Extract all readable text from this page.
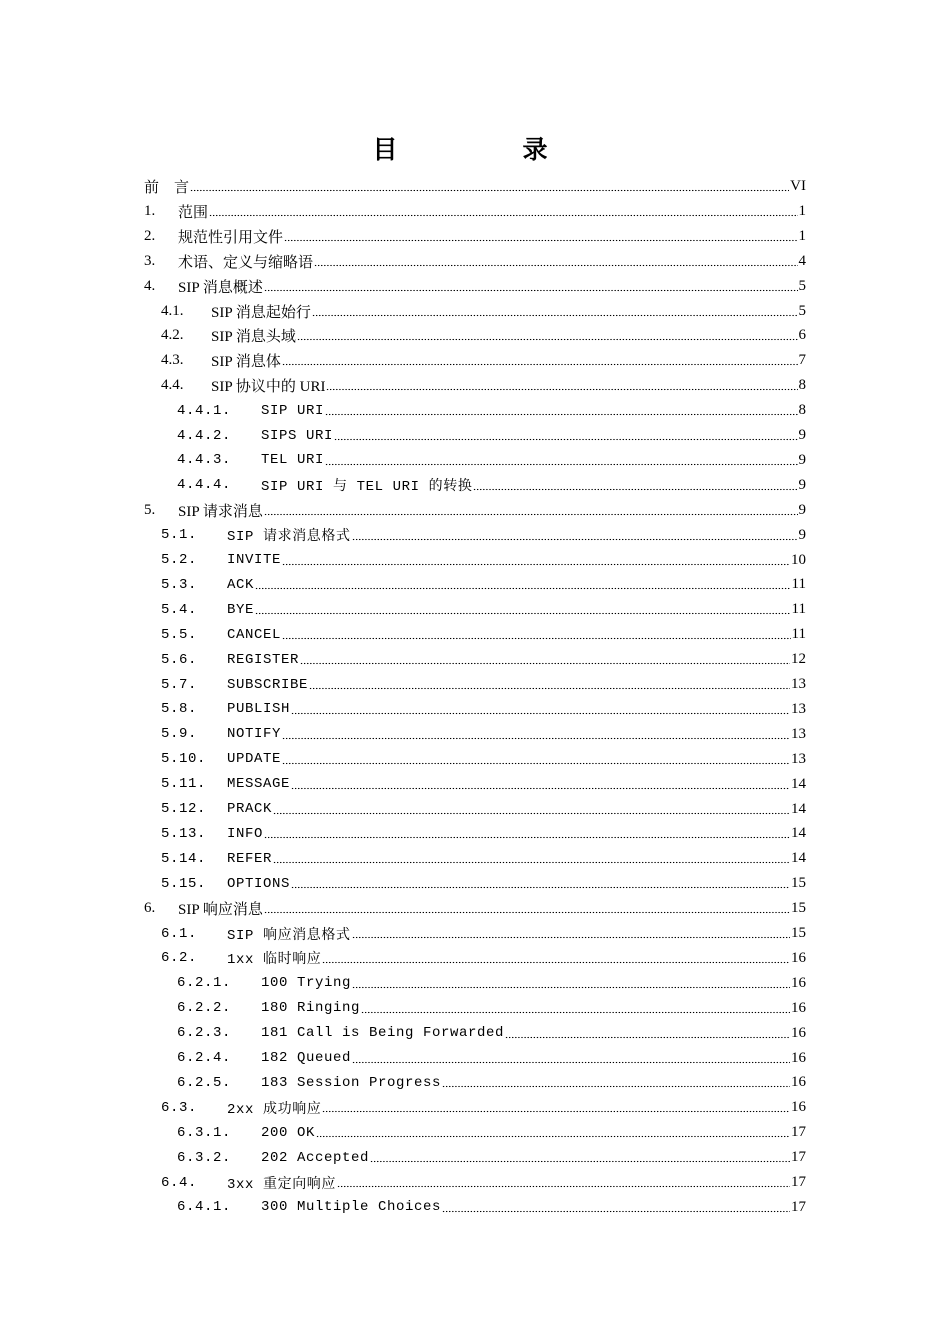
目　录
前　言	VI
1.	范围	1
2.	规范性引用文件	1
3.	术语、定义与缩略语	4
4.	SIP 消息概述	5
4.1.	SIP 消息起始行	5
4.2.	SIP 消息头域	6
4.3.	SIP 消息体	7
4.4.	SIP 协议中的 URI	8
4.4.1.	SIP URI	8
4.4.2.	SIPS URI	9
4.4.3.	TEL URI	9
4.4.4.	SIP URI 与 TEL URI 的转换	9
5.	SIP 请求消息	9
5.1.	SIP 请求消息格式	9
5.2.	INVITE	10
5.3.	ACK	11
5.4.	BYE	11
5.5.	CANCEL	11
5.6.	REGISTER	12
5.7.	SUBSCRIBE	13
5.8.	PUBLISH	13
5.9.	NOTIFY	13
5.10.	UPDATE	13
5.11.	MESSAGE	14
5.12.	PRACK	14
5.13.	INFO	14
5.14.	REFER	14
5.15.	OPTIONS	15
6.	SIP 响应消息	15
6.1.	SIP 响应消息格式	15
6.2.	1xx 临时响应	16
6.2.1.	100 Trying	16
6.2.2.	180 Ringing	16
6.2.3.	181 Call is Being Forwarded	16
6.2.4.	182 Queued	16
6.2.5.	183 Session Progress	16
6.3.	2xx 成功响应	16
6.3.1.	200 OK	17
6.3.2.	202 Accepted	17
6.4.	3xx 重定向响应	17
6.4.1.	300 Multiple Choices	17
